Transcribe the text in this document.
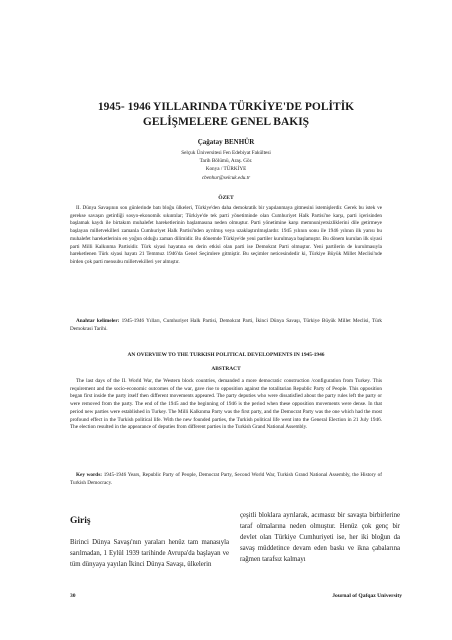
1945- 1946 YILLARINDA TÜRKİYE'DE POLİTİK
GELİŞMELERE GENEL BAKIŞ
Çağatay BENHÜR
Selçuk Üniversitesi Fen Edebiyat Fakültesi
Tarih Bölümü, Araş. Gör.
Konya / TÜRKİYE
cbenhur@selcuk.edu.tr
ÖZET

II. Dünya Savaşının son günlerinde batı bloğu ülkeleri, Türkiye'den daha demokratik bir yapılanmaya gitmesini istemişlerdir. Gerek bu istek ve gerekse savaşın getirdiği sosyo-ekonomik sıkıntılar; Türkiye'de tek parti yönetiminde olan Cumhuriyet Halk Partisi'ne karşı, parti içerisinden başlamak kaydı ile birtakım muhalefet hareketlerinin başlamasına neden olmuştur. Parti yönetimine karşı memnuniyetsizliklerini dile getirmeye başlayan milletvekilleri zamanla Cumhuriyet Halk Partisi'nden ayrılmış veya uzaklaştırılmışlardır. 1945 yılının sonu ile 1946 yılının ilk yarısı bu muhalefet hareketlerinin en yoğun olduğu zaman dilimidir. Bu dönemde Türkiye'de yeni partiler kurulmaya başlamıştır. Bu dönem kurulan ilk siyasi parti Milli Kalkınma Partisidir. Türk siyasi hayatına en derin etkisi olan parti ise Demokrat Parti olmuştur. Yeni partilerin de kurulmasıyla hareketlenen Türk siyasi hayatı 21 Temmuz 1946'da Genel Seçimlere gitmiştir. Bu seçimler neticesindedir ki, Türkiye Büyük Millet Meclisi'nde birden çok parti mensubu milletvekilleri yer almıştır.

Anahtar kelimeler: 1945-1946 Yılları, Cumhuriyet Halk Partisi, Demokrat Parti, İkinci Dünya Savaşı, Türkiye Büyük Millet Meclisi, Türk Demokrasi Tarihi.

AN OVERVIEW TO THE TURKISH POLITICAL DEVELOPMENTS IN 1945-1946
ABSTRACT

The last days of the II. World War, the Western block countries, demanded a more democratic construction /configuration from Turkey. This requirement and the socio-economic outcomes of the war, gave rise to opposition against the totalitarian Republic Party of People. This opposition began first inside the party itself then different movements appeared. The party deputies who were dissatisfied about the party rules left the party or were removed from the party. The end of the 1945 and the beginning of 1946 is the period when these opposition movements were dense. In that period new parties were established in Turkey. The Milli Kalkınma Party was the first party, and the Democrat Party was the one which had the most profound effect in the Turkish political life. With the new founded parties, the Turkish political life went into the General Election in 21 July 1946. The election resulted in the appearance of deputies from different parties in the Turkish Grand National Assembly.

Key words: 1945-1946 Years, Republic Party of People, Democrat Party, Second World War, Turkish Grand National Assembly, the History of Turkish Democracy.

Giriş

Birinci Dünya Savaşı'nın yaraları henüz tam manasıyla sarılmadan, 1 Eylül 1939 tarihinde Avrupa'da başlayan ve tüm dünyaya yayılan İkinci Dünya Savaşı, ülkelerin

çeşitli bloklara ayrılarak, acımasız bir savaşta birbirlerine taraf olmalarına neden olmuştur. Henüz çok genç bir devlet olan Türkiye Cumhuriyeti ise, her iki bloğun da savaş müddetince devam eden baskı ve ikna çabalarına rağmen tarafsız kalmayı

30	Journal of Qafqaz University
